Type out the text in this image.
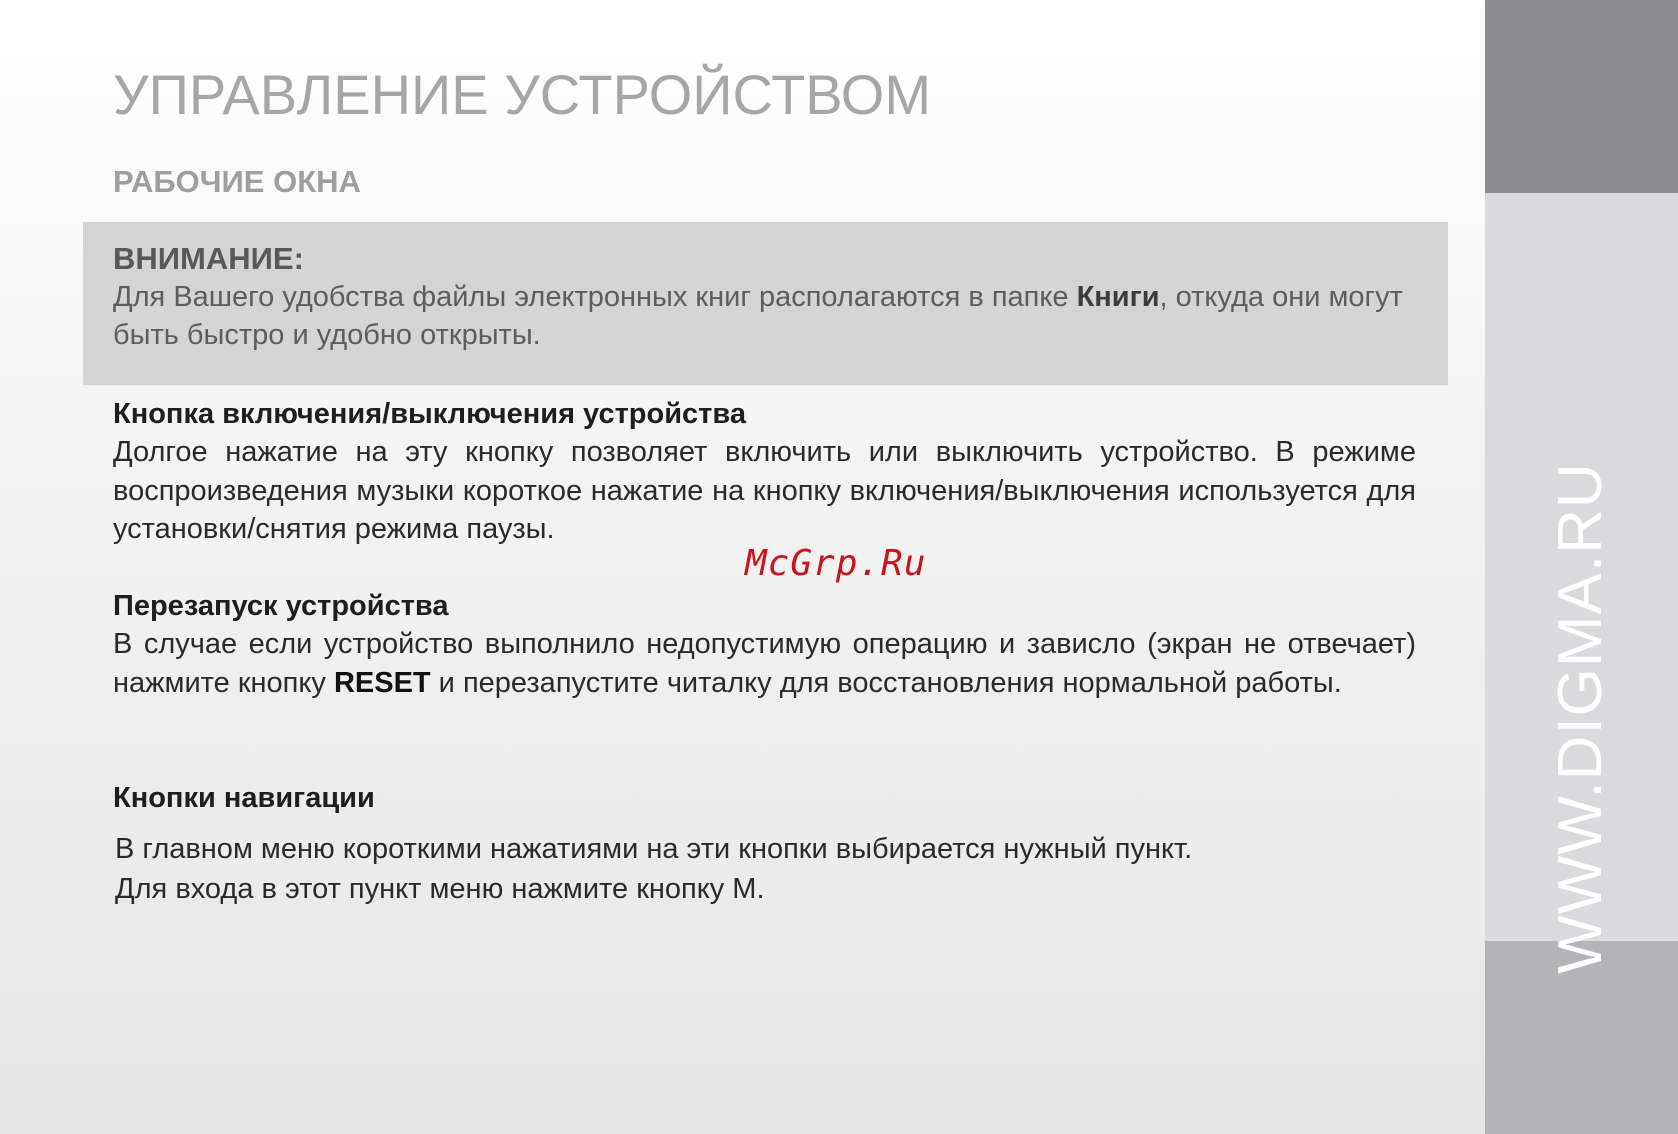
WWW.DIGMA.RU
УПРАВЛЕНИЕ УСТРОЙСТВОМ
РАБОЧИЕ ОКНА

ВНИМАНИЕ:

Для Вашего удобства файлы электронных книг располагаются в папке Книги, откуда они могут быть быстро и удобно открыты.

Кнопка включения/выключения устройства

Долгое нажатие на эту кнопку позволяет включить или выключить устройство. В режиме воспроизведения музыки короткое нажатие на кнопку включения/выключения используется для установки/снятия режима паузы.

McGrp.Ru
Перезапуск устройства

В случае если устройство выполнило недопустимую операцию и зависло (экран не отвечает) нажмите кнопку RESET и перезапустите читалку для восстановления нормальной работы.

Кнопки навигации

В главном меню короткими нажатиями на эти кнопки выбирается нужный пункт.

Для входа в этот пункт меню нажмите кнопку М.
